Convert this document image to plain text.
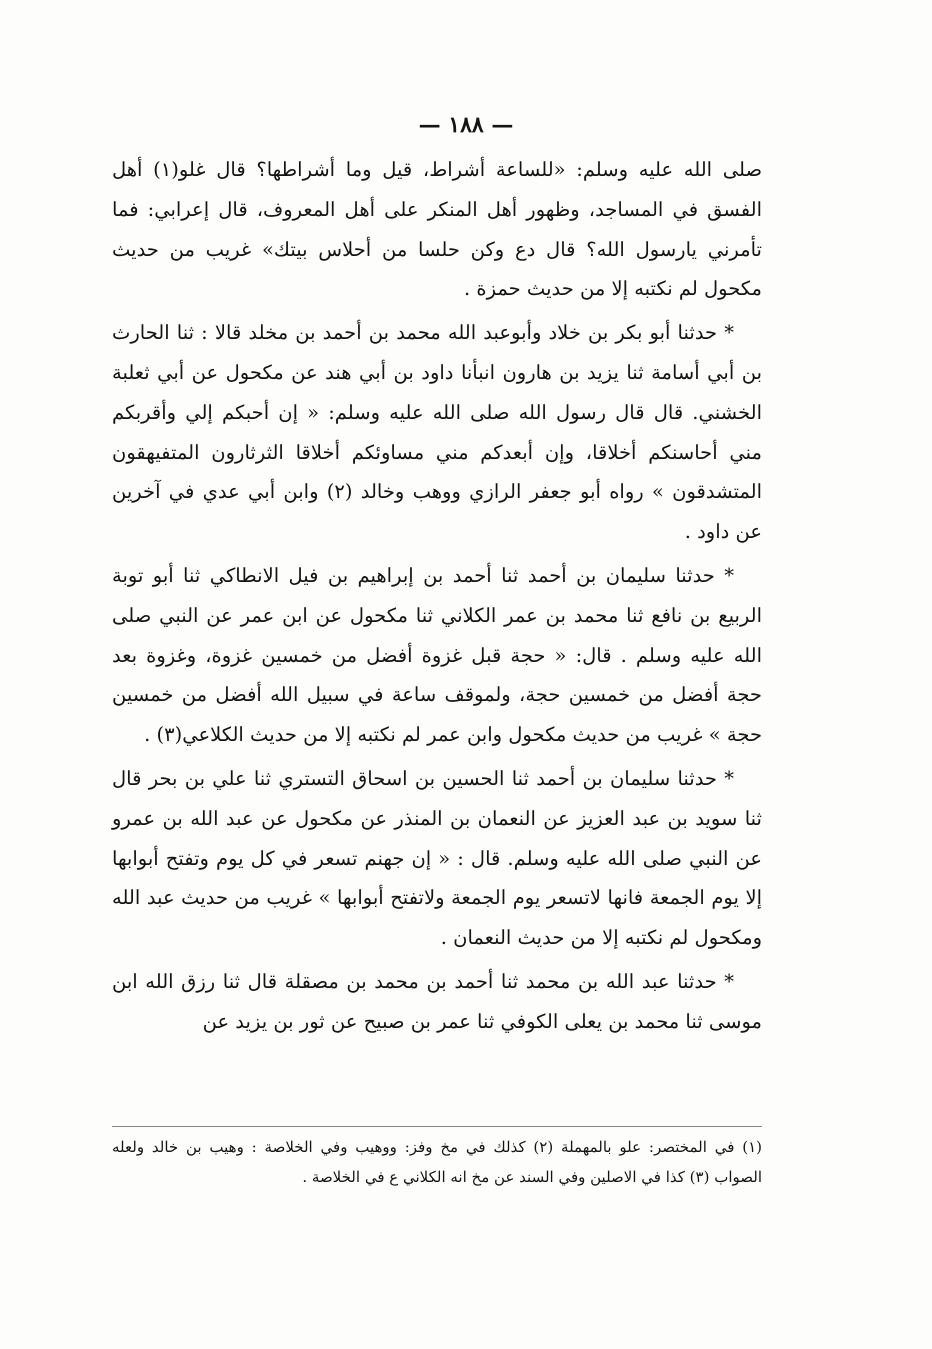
— ١٨٨ —

صلى الله عليه وسلم: «للساعة أشراط، قيل وما أشراطها؟ قال غلو(١) أهل الفسق في المساجد، وظهور أهل المنكر على أهل المعروف، قال إعرابي: فما تأمرني يارسول الله؟ قال دع وكن حلسا من أحلاس بيتك» غريب من حديث مكحول لم نكتبه إلا من حديث حمزة .

* حدثنا أبو بكر بن خلاد وأبوعبد الله محمد بن أحمد بن مخلد قالا : ثنا الحارث بن أبي أسامة ثنا يزيد بن هارون انبأنا داود بن أبي هند عن مكحول عن أبي ثعلبة الخشني. قال قال رسول الله صلى الله عليه وسلم: « إن أحبكم إلي وأقربكم مني أحاسنكم أخلاقا، وإن أبعدكم مني مساوئكم أخلاقا الثرثارون المتفيهقون المتشدقون » رواه أبو جعفر الرازي ووهب وخالد (٢) وابن أبي عدي في آخرين عن داود .

* حدثنا سليمان بن أحمد ثنا أحمد بن إبراهيم بن فيل الانطاكي ثنا أبو توبة الربيع بن نافع ثنا محمد بن عمر الكلاني ثنا مكحول عن ابن عمر عن النبي صلى الله عليه وسلم . قال: « حجة قبل غزوة أفضل من خمسين غزوة، وغزوة بعد حجة أفضل من خمسين حجة، ولموقف ساعة في سبيل الله أفضل من خمسين حجة » غريب من حديث مكحول وابن عمر لم نكتبه إلا من حديث الكلاعي(٣) .

* حدثنا سليمان بن أحمد ثنا الحسين بن اسحاق التستري ثنا علي بن بحر قال ثنا سويد بن عبد العزيز عن النعمان بن المنذر عن مكحول عن عبد الله بن عمرو عن النبي صلى الله عليه وسلم. قال : « إن جهنم تسعر في كل يوم وتفتح أبوابها إلا يوم الجمعة فانها لاتسعر يوم الجمعة ولاتفتح أبوابها » غريب من حديث عبد الله ومكحول لم نكتبه إلا من حديث النعمان .

* حدثنا عبد الله بن محمد ثنا أحمد بن محمد بن مصقلة قال ثنا رزق الله ابن موسى ثنا محمد بن يعلى الكوفي ثنا عمر بن صبيح عن ثور بن يزيد عن

(١) في المختصر: علو بالمهملة (٢) كذلك في مخ وفز: ووهيب وفي الخلاصة : وهيب بن خالد ولعله الصواب (٣) كذا في الاصلين وفي السند عن مخ انه الكلاني ع في الخلاصة .
